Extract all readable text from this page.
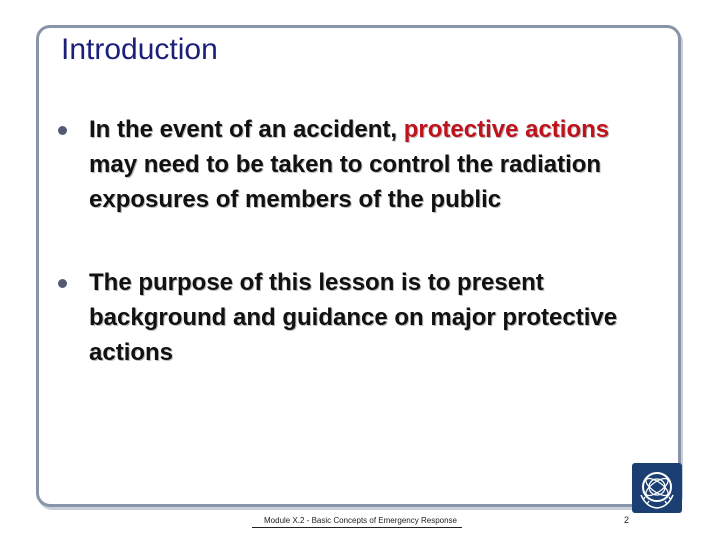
Introduction
In the event of an accident, protective actions may need to be taken to control the radiation exposures of members of the public
The purpose of this lesson is to present background and guidance on major protective actions
Module X.2 - Basic Concepts of Emergency Response	2
